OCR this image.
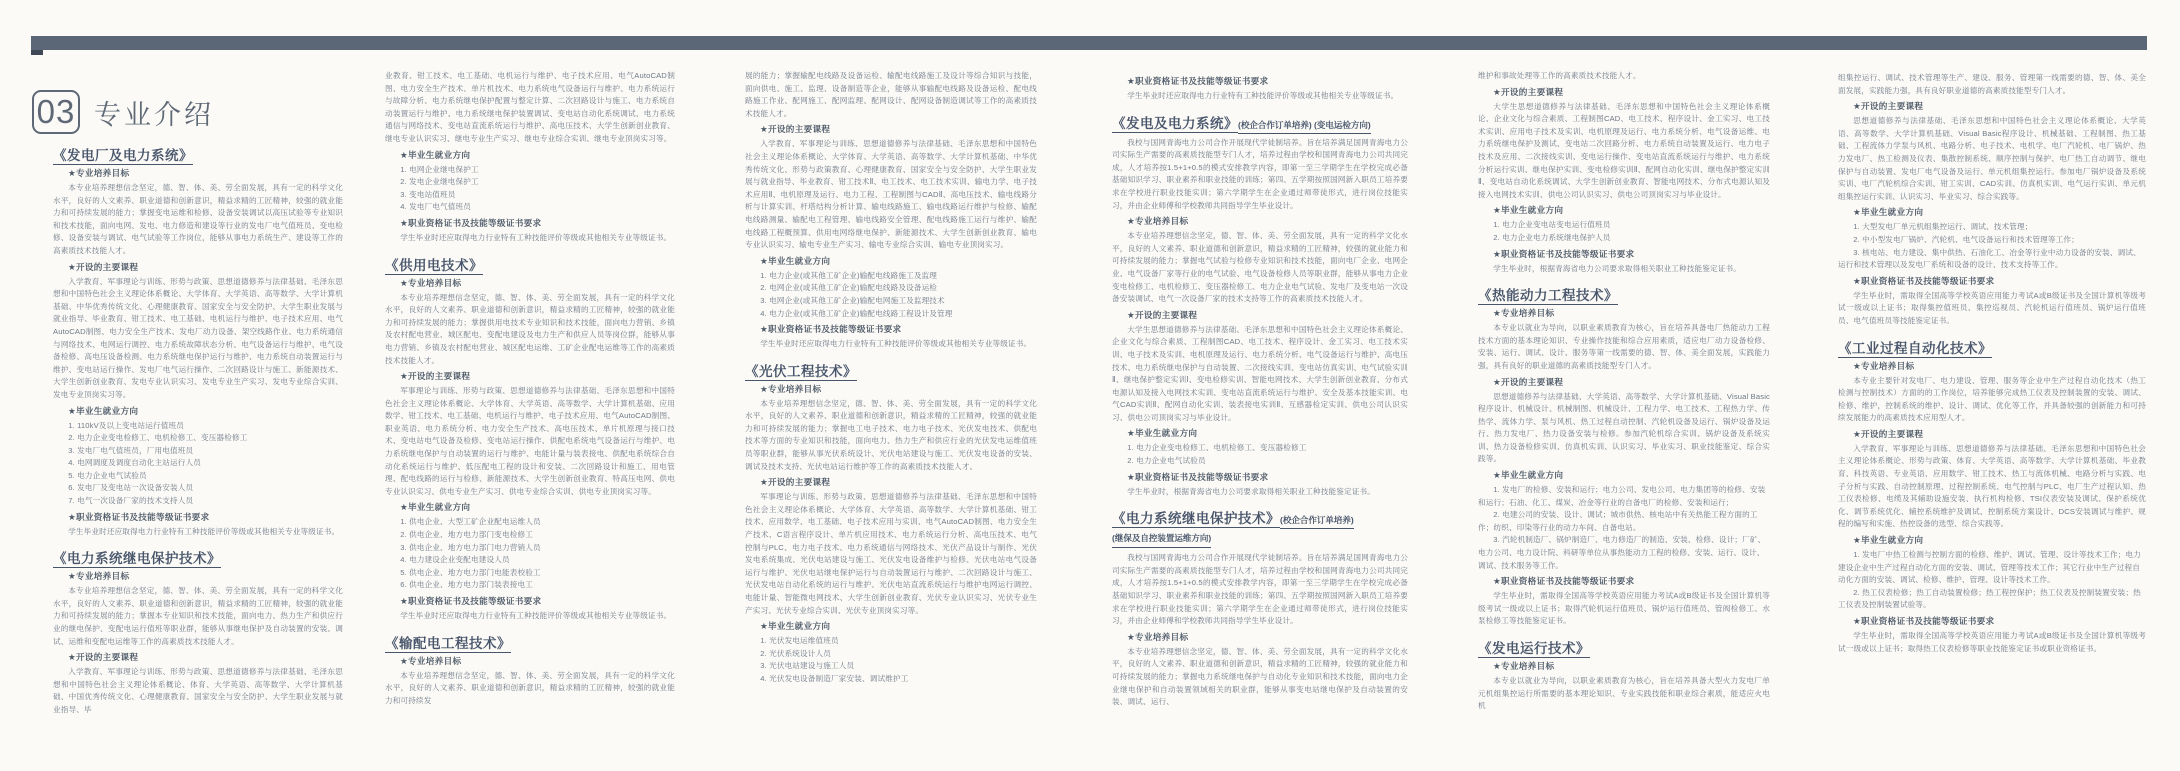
03 专业介绍
《发电厂及电力系统》
★专业培养目标

本专业培养理想信念坚定，德、智、体、美、劳全面发展，具有一定的科学文化水平，良好的人文素养、职业道德和创新意识，精益求精的工匠精神，较强的就业能力和可持续发展的能力；掌握变电运维和检修、设备安装调试以高压试验等专业知识和技术技能，面向电网、发电、电力修造和建设等行业的发电厂电气值班员、变电检修、设备安装与调试、电气试验等工作岗位，能够从事电力系统生产、建设等工作的高素质技术技能人才。

★开设的主要课程

入学教育、军事理论与训练、形势与政策、思想道德修养与法律基础、毛泽东思想和中国特色社会主义理论体系概论、大学体育、大学英语、高等数学、大学计算机基础、中华优秀传统文化、心理健康教育、国家安全与安全防护、大学生职业发展与就业指导、毕业教育、钳工技术、电工基础、电机运行与维护、电子技术应用、电气AutoCAD制图、电力安全生产技术、发电厂动力设备、架空线路作业、电力系统通信与网络技术、电网运行调控、电力系统故障状态分析、电气设备运行与维护、电气设备检修、高电压设备检测、电力系统继电保护运行与维护、电力系统自动装置运行与维护、变电站运行操作、发电厂电气运行操作、二次回路设计与施工、新能源技术、大学生创新创业教育、发电专业认识实习、发电专业生产实习、发电专业综合实训、发电专业顶岗实习等。

★毕业生就业方向

1. 110kV及以上变电站运行值班员

2. 电力企业变电检修工、电机检修工、变压器检修工

3. 发电厂电气值班员，厂用电值班员

4. 电网调度及调度自动化主站运行人员

5. 电力企业电气试验员

6. 发电厂及变电站一次设备安装人员

7. 电气一次设备厂家的技术支持人员

★职业资格证书及技能等级证书要求

学生毕业时还应取得电力行业特有工种技能评价等级或其他相关专业等级证书。

《电力系统继电保护技术》
★专业培养目标

本专业培养理想信念坚定，德、智、体、美、劳全面发展，具有一定的科学文化水平，良好的人文素养、职业道德和创新意识，精益求精的工匠精神，较强的就业能力和可持续发展的能力；掌握本专业知识和技术技能，面向电力、热力生产和供应行业的继电保护、变配电运行值班等职业群，能够从事继电保护及自动装置的安装、调试、运维和变配电运维等工作的高素质技术技能人才。

★开设的主要课程

入学教育、军事理论与训练、形势与政策、思想道德修养与法律基础、毛泽东思想和中国特色社会主义理论体系概论、体育、大学英语、高等数学、大学计算机基础、中国优秀传统文化、心理健康教育、国家安全与安全防护、大学生职业发展与就业指导、毕

业教育、钳工技术、电工基础、电机运行与维护、电子技术应用、电气AutoCAD制图、电力安全生产技术、单片机技术、电力系统电气设备运行与维护、电力系统运行与故障分析、电力系统继电保护配置与整定计算、二次回路设计与施工、电力系统自动装置运行与维护、电力系统继电保护装置调试、变电站自动化系统调试、电力系统通信与网络技术、变电站直流系统运行与维护、高电压技术、大学生创新创业教育、继电专业认识实习、继电专业生产实习、继电专业综合实训、继电专业顶岗实习等。

★毕业生就业方向

1. 电网企业继电保护工

2. 发电企业继电保护工

3. 变电站值班员

4. 发电厂电气值班员

★职业资格证书及技能等级证书要求

学生毕业时还应取得电力行业特有工种技能评价等级或其他相关专业等级证书。

《供用电技术》
★专业培养目标

本专业培养理想信念坚定，德、智、体、美、劳全面发展，具有一定的科学文化水平，良好的人文素养、职业道德和创新意识，精益求精的工匠精神，较强的就业能力和可持续发展的能力；掌握供用电技术专业知识和技术技能，面向电力营销、乡镇及农村配电营业、城区配电、变配电建设及电力生产和供应人员等岗位群，能够从事电力营销、乡镇及农村配电营业、城区配电运维、工矿企业配电运维等工作的高素质技术技能人才。

★开设的主要课程

军事理论与训练、形势与政策、思想道德修养与法律基础、毛泽东思想和中国特色社会主义理论体系概论、大学体育、大学英语、高等数学、大学计算机基础、应用数学、钳工技术、电工基础、电机运行与维护、电子技术应用、电气AutoCAD制图、职业英语、电力系统分析、电力安全生产技术、高电压技术、单片机原理与接口技术、变电站电气设备及检修、变电站运行操作、供配电系统电气设备运行与维护、电力系统继电保护与自动装置的运行与维护、电能计量与装表接电、供配电系统综合自动化系统运行与维护、低压配电工程的设计和安装、二次回路设计和施工、用电管理、配电线路的运行与检修、新能源技术、大学生创新创业教育、特高压电网、供电专业认识实习、供电专业生产实习、供电专业综合实训、供电专业顶岗实习等。

★毕业生就业方向

1. 供电企业、大型工矿企业配电运维人员

2. 供电企业、地方电力部门变电检修工

3. 供电企业、地方电力部门电力营销人员

4. 电力建设企业变配电建设人员

5. 供电企业、地方电力部门电能表校验工

6. 供电企业、地方电力部门装表接电工

★职业资格证书及技能等级证书要求

学生毕业时还应取得电力行业特有工种技能评价等级或其他相关专业等级证书。

《输配电工程技术》
★专业培养目标

本专业培养理想信念坚定，德、智、体、美、劳全面发展，具有一定的科学文化水平，良好的人文素养、职业道德和创新意识，精益求精的工匠精神，较强的就业能力和可持续发

展的能力；掌握输配电线路及设备运检、输配电线路施工及设计等综合知识与技能，面向供电、施工、监理、设备制造等企业，能够从事输配电线路及设备运检、配电线路施工作业、配网施工、配网监理、配网设计、配网设备制造调试等工作的高素质技术技能人才。

★开设的主要课程

入学教育、军事理论与训练、思想道德修养与法律基础、毛泽东思想和中国特色社会主义理论体系概论、大学体育、大学英语、高等数学、大学计算机基础、中华优秀传统文化、形势与政策教育、心理健康教育、国家安全与安全防护、大学生职业发展与就业指导、毕业教育、钳工技术Ⅱ、电工技术、电工技术实训、输电力学、电子技术应用Ⅱ、电机原理及运行、电力工程、工程制图与CADⅡ、高电压技术、输电线路分析与计算实训、杆塔结构分析计算、输电线路施工、输电线路运行维护与检修、输配电线路测量、输配电工程管理、输电线路安全管理、配电线路施工运行与维护、输配电线路工程概预算、供用电网络继电保护、新能源技术、大学生创新创业教育、输电专业认识实习、输电专业生产实习、输电专业综合实训、输电专业顶岗实习。

★毕业生就业方向

1. 电力企业(或其他工矿企业)输配电线路施工及监理

2. 电网企业(或其他工矿企业)输配电线路及设备运检

3. 电网企业(或其他工矿企业)输配电网施工及监理技术

4. 电力企业(或其他工矿企业)输配电线路工程设计及管理

★职业资格证书及技能等级证书要求

学生毕业时还应取得电力行业特有工种技能评价等级或其他相关专业等级证书。

《光伏工程技术》
★专业培养目标

本专业培养理想信念坚定，德、智、体、美、劳全面发展，具有一定的科学文化水平，良好的人文素养、职业道德和创新意识，精益求精的工匠精神，较强的就业能力和可持续发展的能力；掌握电工电子技术、电力电子技术、光伏发电技术、供配电技术等方面的专业知识和技能，面向电力、热力生产和供应行业的光伏发电运维值班员等职业群，能够从事光伏系统设计、光伏电站建设与施工、光伏发电设备的安装、调试及技术支持、光伏电站运行维护等工作的高素质技术技能人才。

★开设的主要课程

军事理论与训练、形势与政策、思想道德修养与法律基础、毛泽东思想和中国特色社会主义理论体系概论、大学体育、大学英语、高等数学、大学计算机基础、钳工技术、应用数学、电工基础、电子技术应用与实训、电气AutoCAD制图、电力安全生产技术、C语言程序设计、单片机应用技术、电力系统运行分析、高电压技术、电气控制与PLC、电力电子技术、电力系统通信与网络技术、光伏产品设计与制作、光伏发电系统集成、光伏电站建设与施工、光伏发电设备维护与检修、光伏电站电气设备运行与维护、光伏电站继电保护运行与自动装置运行与维护、二次回路设计与施工、光伏发电站自动化系统的运行与维护、光伏电站直流系统运行与维护电网运行调控、电能计量、智能微电网技术、大学生创新创业教育、光伏专业认识实习、光伏专业生产实习、光伏专业综合实训、光伏专业顶岗实习等。

★毕业生就业方向

1. 光伏发电运维值班员

2. 光伏系统设计人员

3. 光伏电站建设与施工人员

4. 光伏发电设备制造厂家安装、调试维护工

★职业资格证书及技能等级证书要求

学生毕业时还应取得电力行业特有工种技能评价等级或其他相关专业等级证书。

《发电及电力系统》(校企合作订单培养) (变电运检方向)

我校与国网青海电力公司合作开展现代学徒制培养。旨在培养满足国网青海电力公司实际生产需要的高素质技能型专门人才，培养过程由学校和国网青海电力公司共同完成，人才培养按1.5+1+0.5的模式安排教学内容，即第一至三学期学生在学校完成必备基础知识学习、职业素养和职业技能的训练；第四、五学期按照国网新入职员工培养要求在学校进行职业技能实训；第六学期学生在企业通过师带徒形式，进行岗位技能实习，并由企业师傅和学校教师共同指导学生毕业设计。

★专业培养目标

本专业培养理想信念坚定，德、智、体、美、劳全面发展，具有一定的科学文化水平，良好的人文素养、职业道德和创新意识，精益求精的工匠精神，较强的就业能力和可持续发展的能力；掌握电气试验与检修专业知识和技术技能，面向电厂企业、电网企业、电气设备厂家等行业的电气试验、电气设备检修人员等职业群，能够从事电力企业变电检修工、电机检修工、变压器检修工、电力企业电气试验、发电厂及变电站一次设备安装调试、电气一次设备厂家的技术支持等工作的高素质技术技能人才。

★开设的主要课程

大学生思想道德修养与法律基础、毛泽东思想和中国特色社会主义理论体系概论、企业文化与综合素质、工程制图CAD、电工技术、程序设计、金工实习、电工技术实训、电子技术及实训、电机原理及运行、电力系统分析、电气设备运行与维护、高电压技术、电力系统继电保护与自动装置、二次接线实训、变电站仿真实训、电气试验实训Ⅱ、继电保护整定实训Ⅰ、变电检修实训、智能电网技术、大学生创新创业教育、分布式电源认知及接入电网技术实训、变电站直流系统运行与维护、安全及基本技能实训、电气CAD实训Ⅱ、配网自动化实训、装表接电实训Ⅱ、互感器检定实训、供电公司认识实习、供电公司顶岗实习与毕业设计。

★毕业生就业方向

1. 电力企业变电检修工、电机检修工、变压器检修工

2. 电力企业电气试验员

★职业资格证书及技能等级证书要求

学生毕业时，根据青海省电力公司要求取得相关职业工种技能鉴定证书。

《电力系统继电保护技术》(校企合作订单培养)
(继保及自控装置运维方向)

我校与国网青海电力公司合作开展现代学徒制培养。旨在培养满足国网青海电力公司实际生产需要的高素质技能型专门人才，培养过程由学校和国网青海电力公司共同完成，人才培养按1.5+1+0.5的模式安排教学内容，即第一至三学期学生在学校完成必备基础知识学习、职业素养和职业技能的训练；第四、五学期按照国网新入职员工培养要求在学校进行职业技能实训；第六学期学生在企业通过师带徒形式，进行岗位技能实习，并由企业师傅和学校教师共同指导学生毕业设计。

★专业培养目标

本专业培养理想信念坚定，德、智、体、美、劳全面发展，具有一定的科学文化水平，良好的人文素养、职业道德和创新意识，精益求精的工匠精神，较强的就业能力和可持续发展的能力；掌握电力系统继电保护与自动化专业知识和技术技能，面向电力企业继电保护和自动装置领域相关的职业群，能够从事变电站继电保护及自动装置的安装、调试、运行、

维护和事故处理等工作的高素质技术技能人才。

★开设的主要课程

大学生思想道德修养与法律基础、毛泽东思想和中国特色社会主义理论体系概论、企业文化与综合素质、工程制图CAD、电工技术、程序设计、金工实习、电工技术实训、应用电子技术及实训、电机原理及运行、电力系统分析、电气设备运维、电力系统继电保护及测试、变电站二次回路分析、电力系统自动装置及运行、电力电子技术及应用、二次接线实训、变电运行操作、变电站直流系统运行与维护、电力系统分析运行实训、继电保护实训、变电检修实训Ⅱ、配网自动化实训、继电保护整定实训Ⅱ、变电站自动化系统调试、大学生创新创业教育、智能电网技术、分布式电源认知及接入电网技术实训、供电公司认识实习、供电公司顶岗实习与毕业设计。

★毕业生就业方向

1. 电力企业变电站变电运行值班员

2. 电力企业电力系统继电保护人员

★职业资格证书及技能等级证书要求

学生毕业时，根据青海省电力公司要求取得相关职业工种技能鉴定证书。

《热能动力工程技术》
★专业培养目标

本专业以就业为导向，以职业素质教育为核心，旨在培养具备电厂热能动力工程技术方面的基本理论知识、专业操作技能和综合应用素质，适应电厂动力设备检修、安装、运行、调试、设计、服务等第一线需要的德、智、体、美全面发展，实践能力强，具有良好的职业道德的高素质技能型专门人才。

★开设的主要课程

思想道德修养与法律基础、大学英语、高等数学、大学计算机基础、Visual Basic程序设计、机械设计、机械制图、机械设计、工程力学、电工技术、工程热力学、传热学、流体力学、泵与风机、热工过程自动控制、汽轮机设备及运行、锅炉设备及运行、热力发电厂、热力设备安装与检修。参加汽轮机综合实训、锅炉设备及系统实训、热力设备检修实训、仿真机实训、认识实习、毕业实习、职业技能鉴定、综合实践等。

★毕业生就业方向

1. 发电厂的检修、安装和运行；电力公司、发电公司、电力集团等的检修、安装和运行；石油、化工、煤炭、冶金等行业的自备电厂的检修、安装和运行；

2. 电建公司的安装、设计、调试；城市供热、核电站中有关热能工程方面的工作；纺织、印染等行业的动力车间、自备电站。

3. 汽轮机制造厂、锅炉制造厂、电力修造厂的制造、安装、检修、设计；厂矿、电力公司、电力设计院、科研等单位从事热能动力工程的检修、安装、运行、设计、调试、技术服务等工作。

★职业资格证书及技能等级证书要求

学生毕业时，需取得全国高等学校英语应用能力考试A或B级证书及全国计算机等级考试一级或以上证书；取得汽轮机运行值班员、锅炉运行值班员、管阀检修工、水泵检修工等技能鉴定证书。

《发电运行技术》
★专业培养目标

本专业以就业为导向，以职业素质教育为核心，旨在培养具备大型火力发电厂单元机组集控运行所需要的基本理论知识、专业实践技能和职业综合素质，能适应火电机

组集控运行、调试、技术管理等生产、建设、服务、管理第一线需要的德、智、体、美全面发展，实践能力强，具有良好职业道德的高素质技能型专门人才。

★开设的主要课程

思想道德修养与法律基础、毛泽东思想和中国特色社会主义理论体系概论、大学英语、高等数学、大学计算机基础、Visual Basic程序设计、机械基础、工程制图、热工基础、工程流体力学泵与风机、电路分析、电子技术、电机学、电厂汽轮机、电厂锅炉、热力发电厂、热工检测及仪表、集散控制系统、顺序控制与保护、电厂热工自动调节、继电保护与自动装置、发电厂电气设备及运行、单元机组集控运行。参加电厂锅炉设备及系统实训、电厂汽轮机综合实训、钳工实训、CAD实训、仿真机实训、电气运行实训、单元机组集控运行实训、认识实习、毕业实习、综合实践等。

★毕业生就业方向

1. 大型发电厂单元机组集控运行、调试、技术管理；

2. 中小型发电厂锅炉、汽轮机、电气设备运行和技术管理等工作；

3. 核电站、电力建设、集中供热、石油化工、冶金等行业中动力设备的安装、调试、运行和技术管理以及发电厂系统和设备的设计、技术支持等工作。

★职业资格证书及技能等级证书要求

学生毕业时，需取得全国高等学校英语应用能力考试A或B级证书及全国计算机等级考试一级或以上证书；取得集控值班员、集控巡视员、汽轮机运行值班员、锅炉运行值班员、电气值班员等技能鉴定证书。

《工业过程自动化技术》
★专业培养目标

本专业主要针对发电厂、电力建设、管理、服务等企业中生产过程自动化技术（热工检测与控制技术）方面的的工作岗位，培养能够完成热工仪表及控制装置的安装、调试、检修、维护，控制系统的维护、设计、调试、优化等工作，并具备较强的创新能力和可持续发展能力的高素质技术应用型人才。

★开设的主要课程

入学教育、军事理论与训练、思想道德修养与法律基础、毛泽东思想和中国特色社会主义理论体系概论、形势与政策、体育、大学英语、高等数学、大学计算机基础、毕业教育、科技英语、专业英语、应用数学、钳工技术、热工与流体机械、电路分析与实践、电子分析与实践、自动控制原理、过程控制系统、电气控制与PLC、电厂生产过程认知、热工仪表检修、电缆及其辅助设施安装、执行机构检修、TSI仪表安装及调试、保护系统优化、调节系统优化、辅控系统维护及调试、控制系统方案设计、DCS安装调试与维护、规程的编写和实施、热控设备的选型、综合实践等。

★毕业生就业方向

1. 发电厂中热工检测与控制方面的检修、维护、调试、管理、设计等技术工作；电力建设企业中生产过程自动化方面的安装、调试、管理等技术工作；其它行业中生产过程自动化方面的安装、调试、检修、维护、管理、设计等技术工作。

2. 热工仪表检修；热工自动装置检修；热工程控保护；热工仪表及控制装置安装；热工仪表及控制装置试验等。

★职业资格证书及技能等级证书要求

学生毕业时，需取得全国高等学校英语应用能力考试A或B级证书及全国计算机等级考试一级或以上证书；取得热工仪表检修等职业技能鉴定证书或职业资格证书。
